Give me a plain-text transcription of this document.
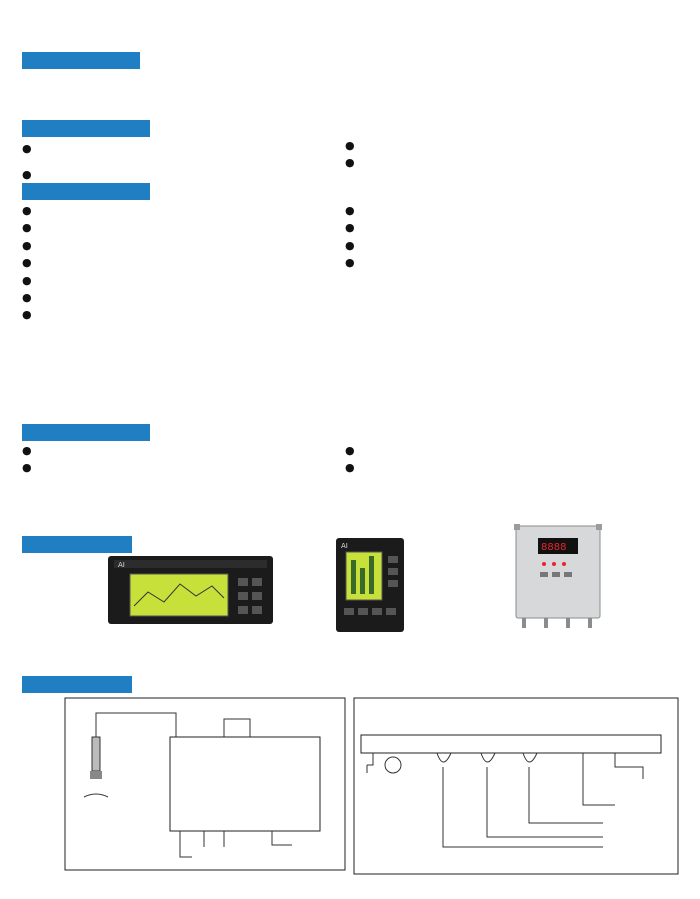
●
●
●
●
●
●
●
●
●
●
●
●
●
●
●
●
●
●
●
AI
AI	8888
